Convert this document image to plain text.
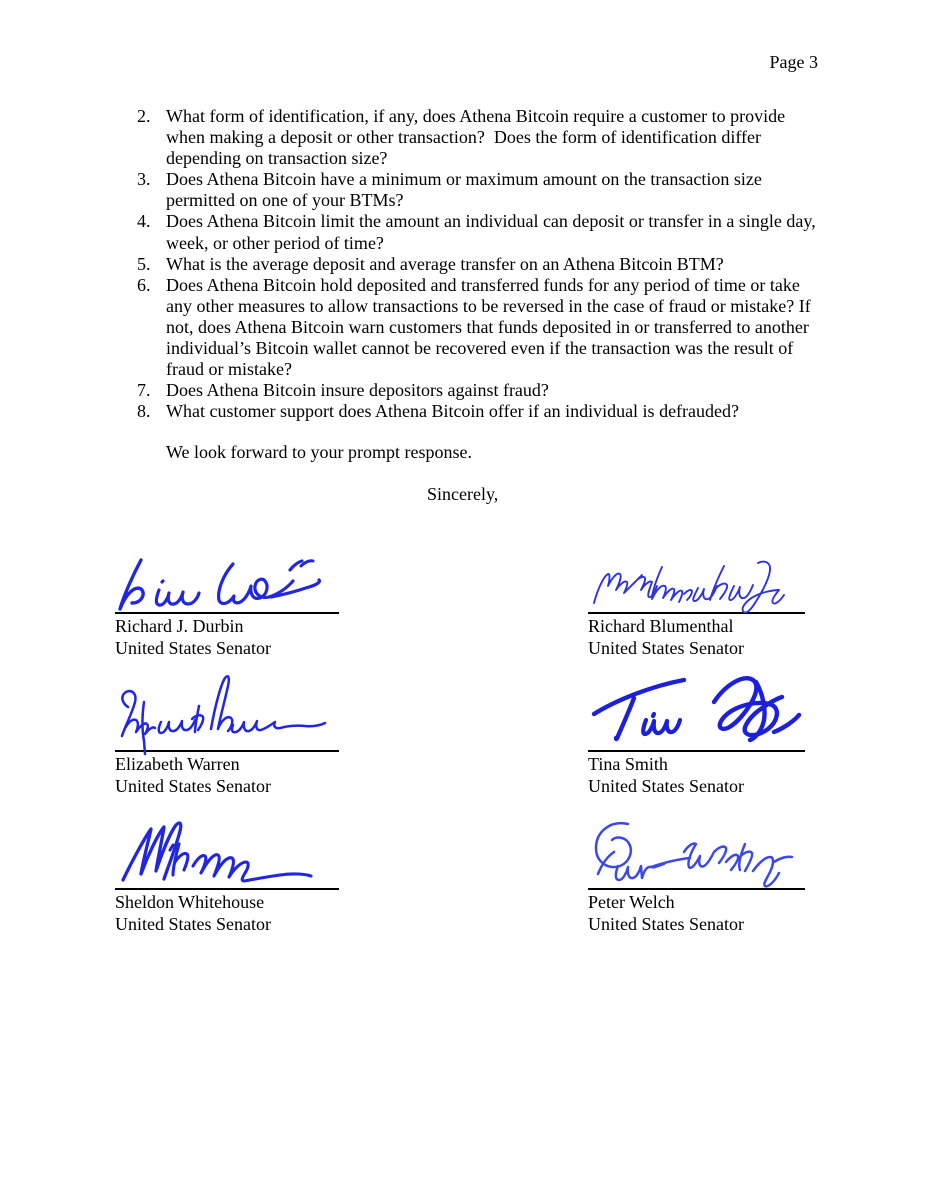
Page 3
2. What form of identification, if any, does Athena Bitcoin require a customer to provide when making a deposit or other transaction?  Does the form of identification differ depending on transaction size?
3. Does Athena Bitcoin have a minimum or maximum amount on the transaction size permitted on one of your BTMs?
4. Does Athena Bitcoin limit the amount an individual can deposit or transfer in a single day, week, or other period of time?
5. What is the average deposit and average transfer on an Athena Bitcoin BTM?
6. Does Athena Bitcoin hold deposited and transferred funds for any period of time or take any other measures to allow transactions to be reversed in the case of fraud or mistake? If not, does Athena Bitcoin warn customers that funds deposited in or transferred to another individual’s Bitcoin wallet cannot be recovered even if the transaction was the result of fraud or mistake?
7. Does Athena Bitcoin insure depositors against fraud?
8. What customer support does Athena Bitcoin offer if an individual is defrauded?

We look forward to your prompt response.

Sincerely,

Richard J. Durbin
United States Senator
Richard Blumenthal
United States Senator
Elizabeth Warren
United States Senator
Tina Smith
United States Senator
Sheldon Whitehouse
United States Senator
Peter Welch
United States Senator
